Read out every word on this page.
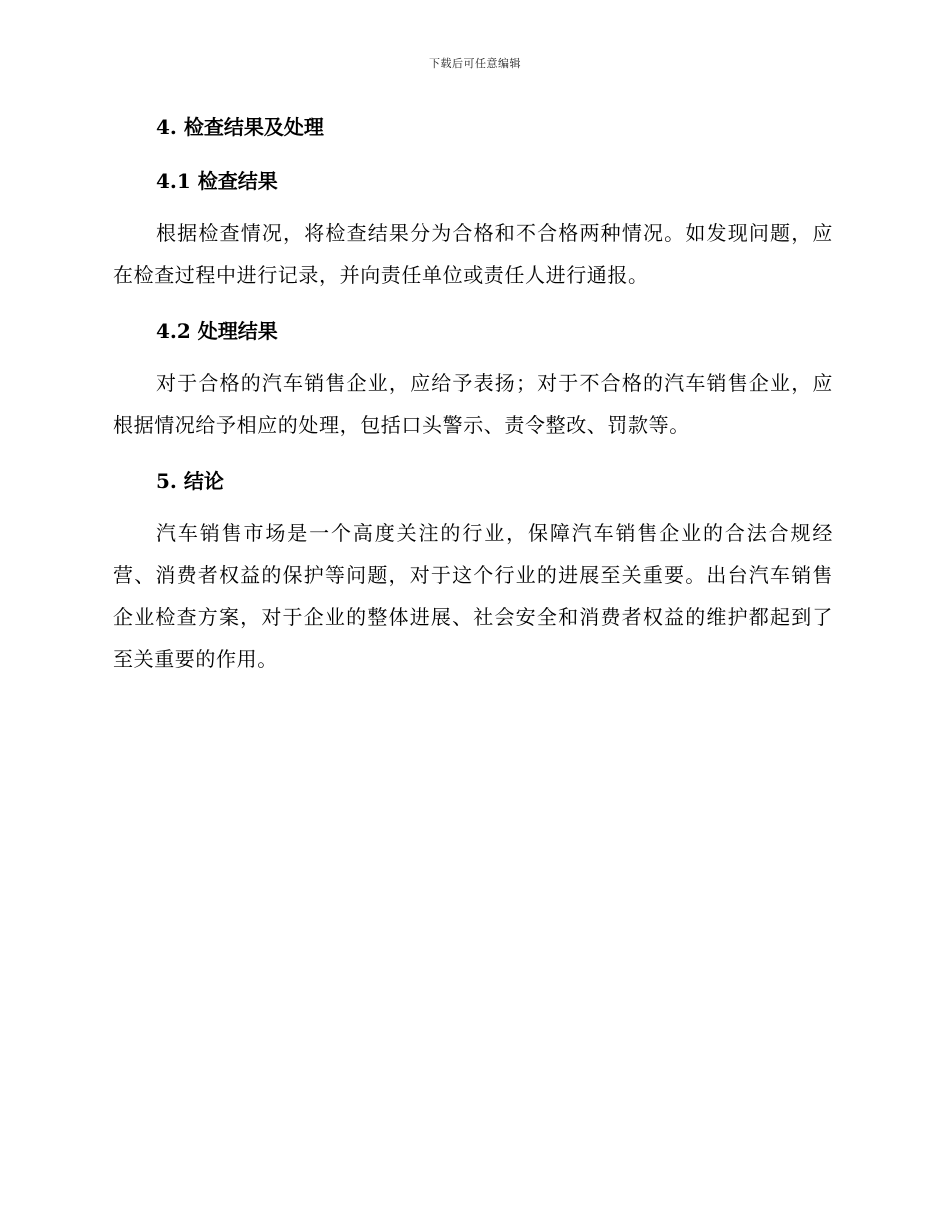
下载后可任意编辑
4. 检查结果及处理
4.1 检查结果

根据检查情况，将检查结果分为合格和不合格两种情况。如发现问题，应在检查过程中进行记录，并向责任单位或责任人进行通报。

4.2 处理结果

对于合格的汽车销售企业，应给予表扬；对于不合格的汽车销售企业，应根据情况给予相应的处理，包括口头警示、责令整改、罚款等。

5. 结论

汽车销售市场是一个高度关注的行业，保障汽车销售企业的合法合规经营、消费者权益的保护等问题，对于这个行业的进展至关重要。出台汽车销售企业检查方案，对于企业的整体进展、社会安全和消费者权益的维护都起到了至关重要的作用。
